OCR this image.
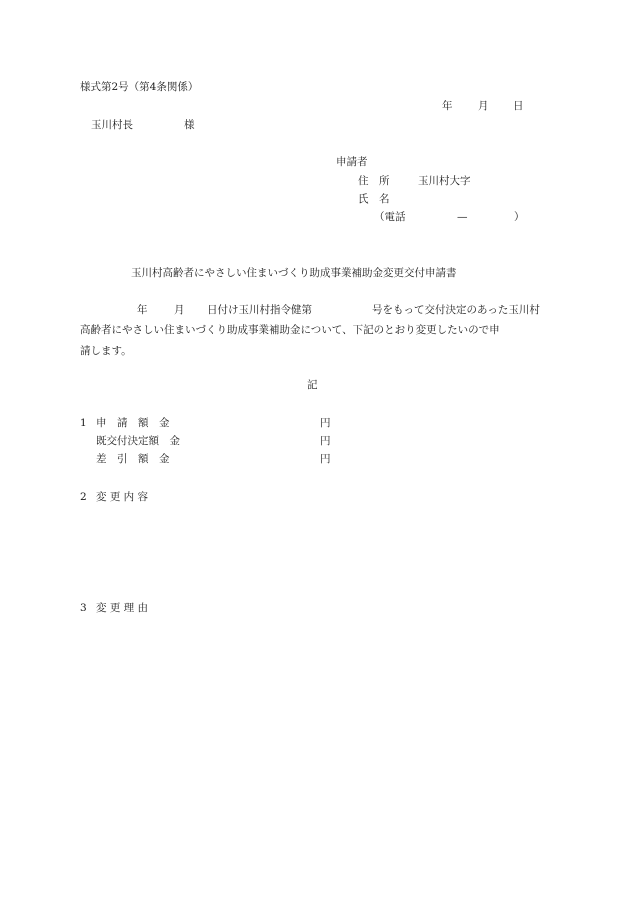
様式第2号（第4条関係）
年 月 日
玉川村長	様
申請者
住　所	玉川村大字
氏　名
（電話	—	）
玉川村高齢者にやさしい住まいづくり助成事業補助金変更交付申請書
年	月 日付け玉川村指令健第	号をもって交付決定のあった玉川村
高齢者にやさしい住まいづくり助成事業補助金について、下記のとおり変更したいので申
請します。
記
1 申　請　額　金	円
既交付決定額　金	円
差　引　額　金	円
2 変 更 内 容
3 変 更 理 由
